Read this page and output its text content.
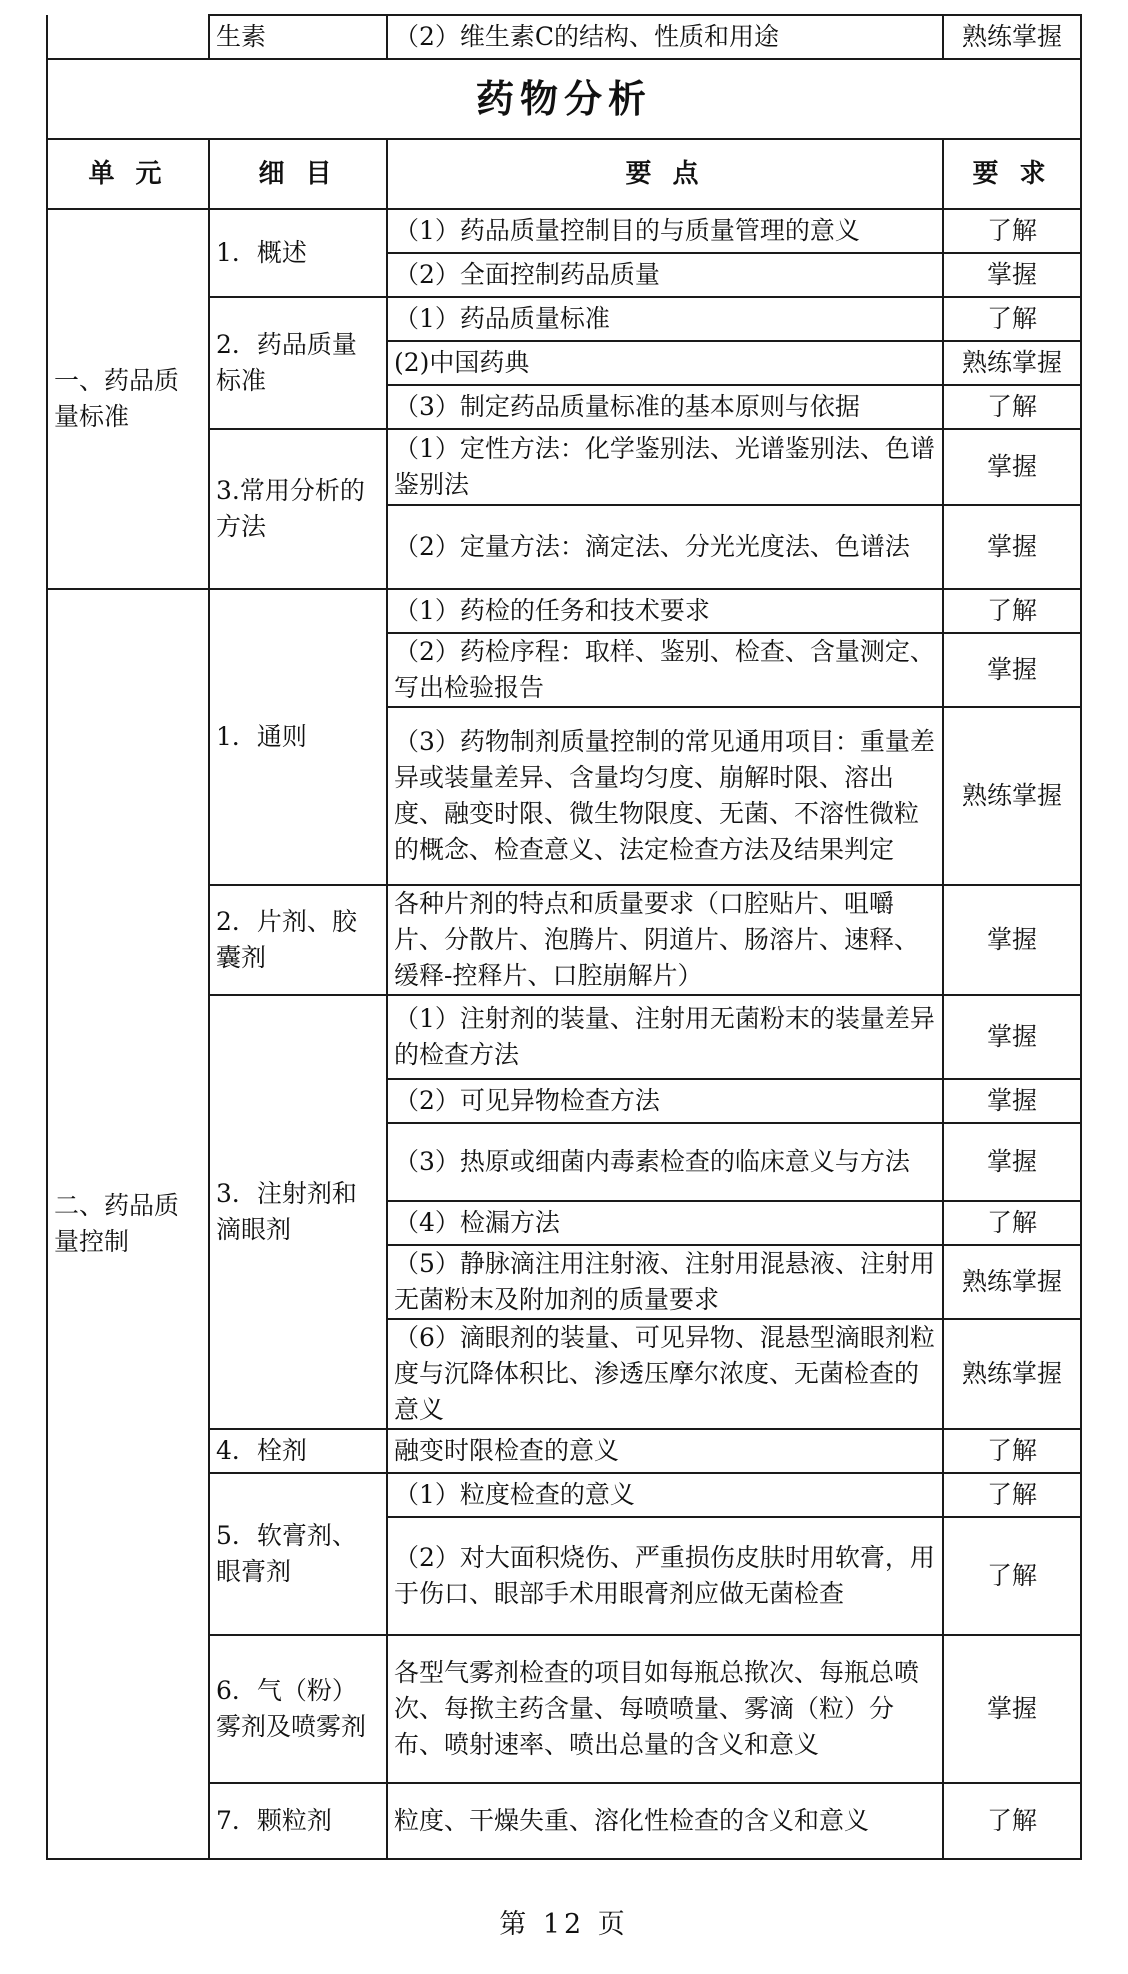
	生素	（2）维生素C的结构、性质和用途	熟练掌握
药物分析			
单 元	细 目	要 点	要 求
一、药品质量标准	1．概述	（1）药品质量控制目的与质量管理的意义	了解
		（2）全面控制药品质量	掌握
	2．药品质量标准	（1）药品质量标准	了解
		(2)中国药典	熟练掌握
		（3）制定药品质量标准的基本原则与依据	了解
	3.常用分析的方法	（1）定性方法：化学鉴别法、光谱鉴别法、色谱鉴别法	掌握
		（2）定量方法：滴定法、分光光度法、色谱法	掌握
二、药品质量控制	1．通则	（1）药检的任务和技术要求	了解
		（2）药检序程：取样、鉴别、检查、含量测定、写出检验报告	掌握
		（3）药物制剂质量控制的常见通用项目：重量差异或装量差异、含量均匀度、崩解时限、溶出度、融变时限、微生物限度、无菌、不溶性微粒的概念、检查意义、法定检查方法及结果判定	熟练掌握
	2．片剂、胶囊剂	各种片剂的特点和质量要求（口腔贴片、咀嚼片、分散片、泡腾片、阴道片、肠溶片、速释、缓释-控释片、口腔崩解片）	掌握
	3．注射剂和滴眼剂	（1）注射剂的装量、注射用无菌粉末的装量差异的检查方法	掌握
		（2）可见异物检查方法	掌握
		（3）热原或细菌内毒素检查的临床意义与方法	掌握
		（4）检漏方法	了解
		（5）静脉滴注用注射液、注射用混悬液、注射用无菌粉末及附加剂的质量要求	熟练掌握
		（6）滴眼剂的装量、可见异物、混悬型滴眼剂粒度与沉降体积比、渗透压摩尔浓度、无菌检查的意义	熟练掌握
	4．栓剂	融变时限检查的意义	了解
	5．软膏剂、眼膏剂	（1）粒度检查的意义	了解
		（2）对大面积烧伤、严重损伤皮肤时用软膏，用于伤口、眼部手术用眼膏剂应做无菌检查	了解
	6．气（粉）雾剂及喷雾剂	各型气雾剂检查的项目如每瓶总揿次、每瓶总喷次、每揿主药含量、每喷喷量、雾滴（粒）分布、喷射速率、喷出总量的含义和意义	掌握
	7．颗粒剂	粒度、干燥失重、溶化性检查的含义和意义	了解
第 12 页
